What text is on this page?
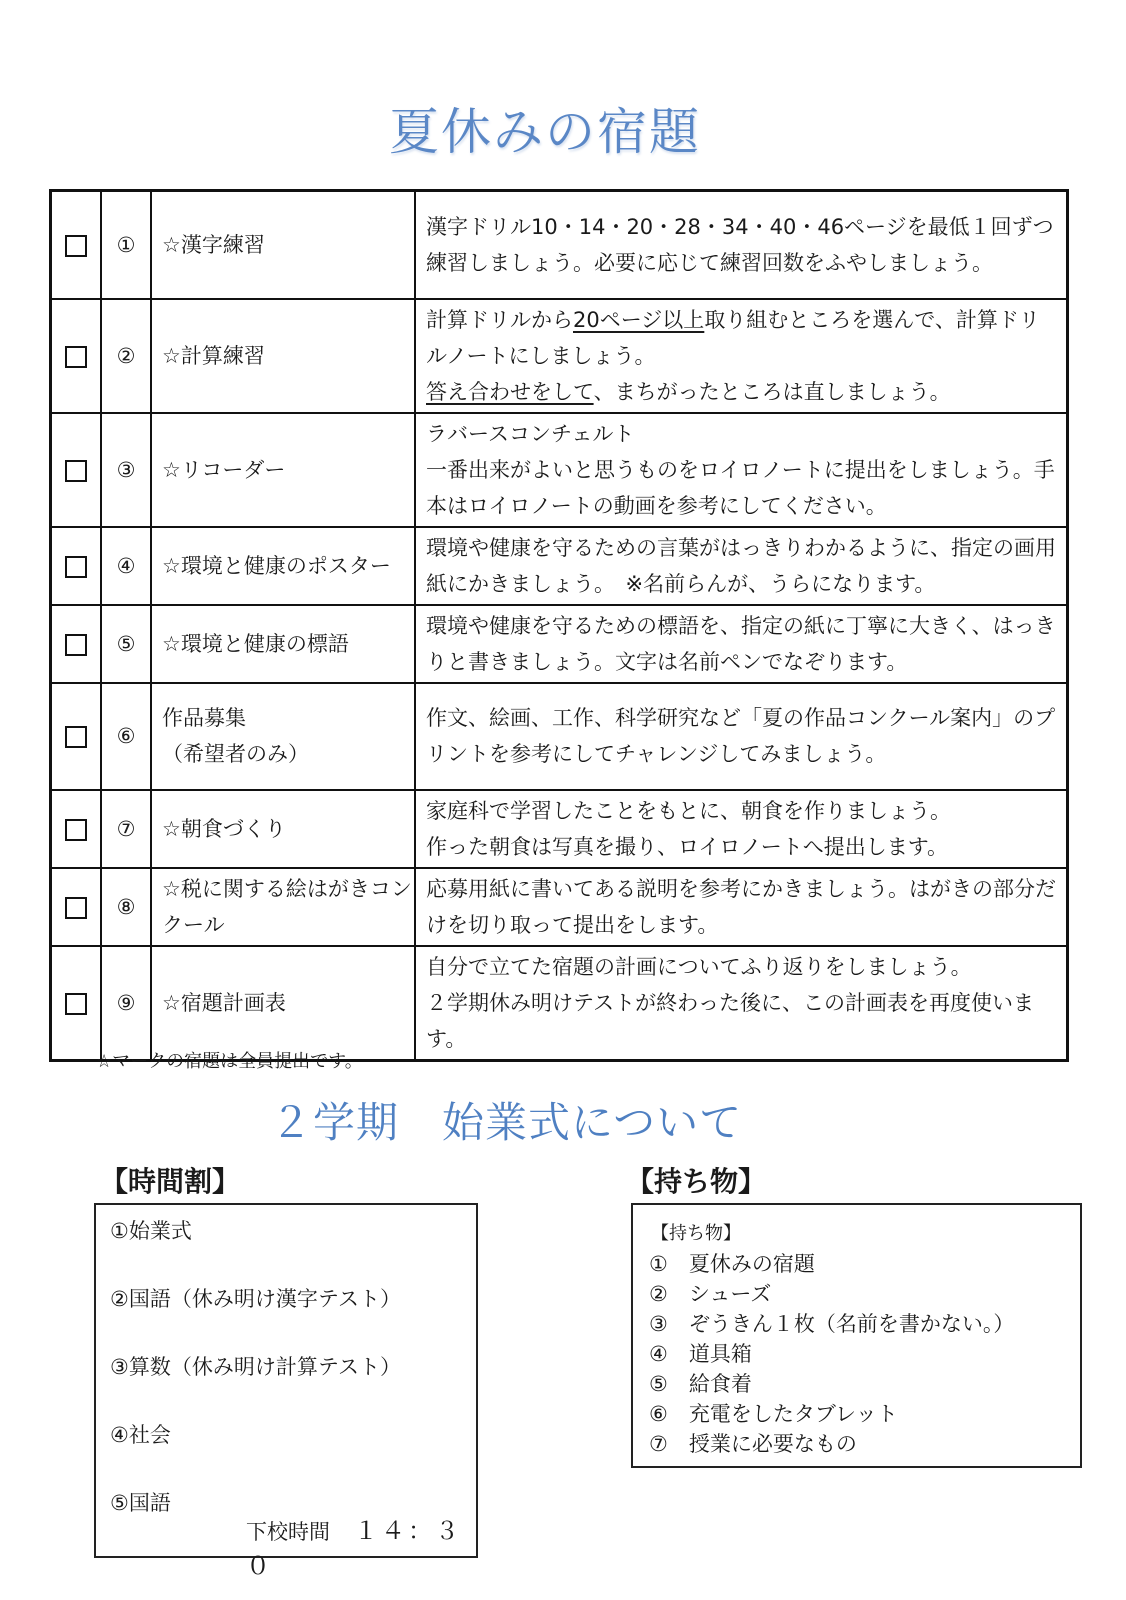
夏休みの宿題
	①	☆漢字練習	漢字ドリル10・14・20・28・34・40・46ページを最低１回ずつ練習しましょう。必要に応じて練習回数をふやしましょう。
	②	☆計算練習	計算ドリルから20ページ以上取り組むところを選んで、計算ドリルノートにしましょう。
答え合わせをして、まちがったところは直しましょう。
	③	☆リコーダー	ラバースコンチェルト
一番出来がよいと思うものをロイロノートに提出をしましょう。手本はロイロノートの動画を参考にしてください。
	④	☆環境と健康のポスター	環境や健康を守るための言葉がはっきりわかるように、指定の画用紙にかきましょう。　※名前らんが、うらになります。
	⑤	☆環境と健康の標語	環境や健康を守るための標語を、指定の紙に丁寧に大きく、はっきりと書きましょう。文字は名前ペンでなぞります。
	⑥	作品募集
（希望者のみ）	作文、絵画、工作、科学研究など「夏の作品コンクール案内」のプリントを参考にしてチャレンジしてみましょう。
	⑦	☆朝食づくり	家庭科で学習したことをもとに、朝食を作りましょう。
作った朝食は写真を撮り、ロイロノートへ提出します。
	⑧	☆税に関する絵はがきコンクール	応募用紙に書いてある説明を参考にかきましょう。はがきの部分だけを切り取って提出をします。
	⑨	☆宿題計画表	自分で立てた宿題の計画についてふり返りをしましょう。
２学期休み明けテストが終わった後に、この計画表を再度使います。
☆マークの宿題は全員提出です。
２学期　始業式について
【時間割】	【持ち物】
①始業式
②国語（休み明け漢字テスト）
③算数（休み明け計算テスト）
④社会
⑤国語
下校時間 １４：３０
【持ち物】
①　夏休みの宿題
②　シューズ
③　ぞうきん１枚（名前を書かない。）
④　道具箱
⑤　給食着
⑥　充電をしたタブレット
⑦　授業に必要なもの
